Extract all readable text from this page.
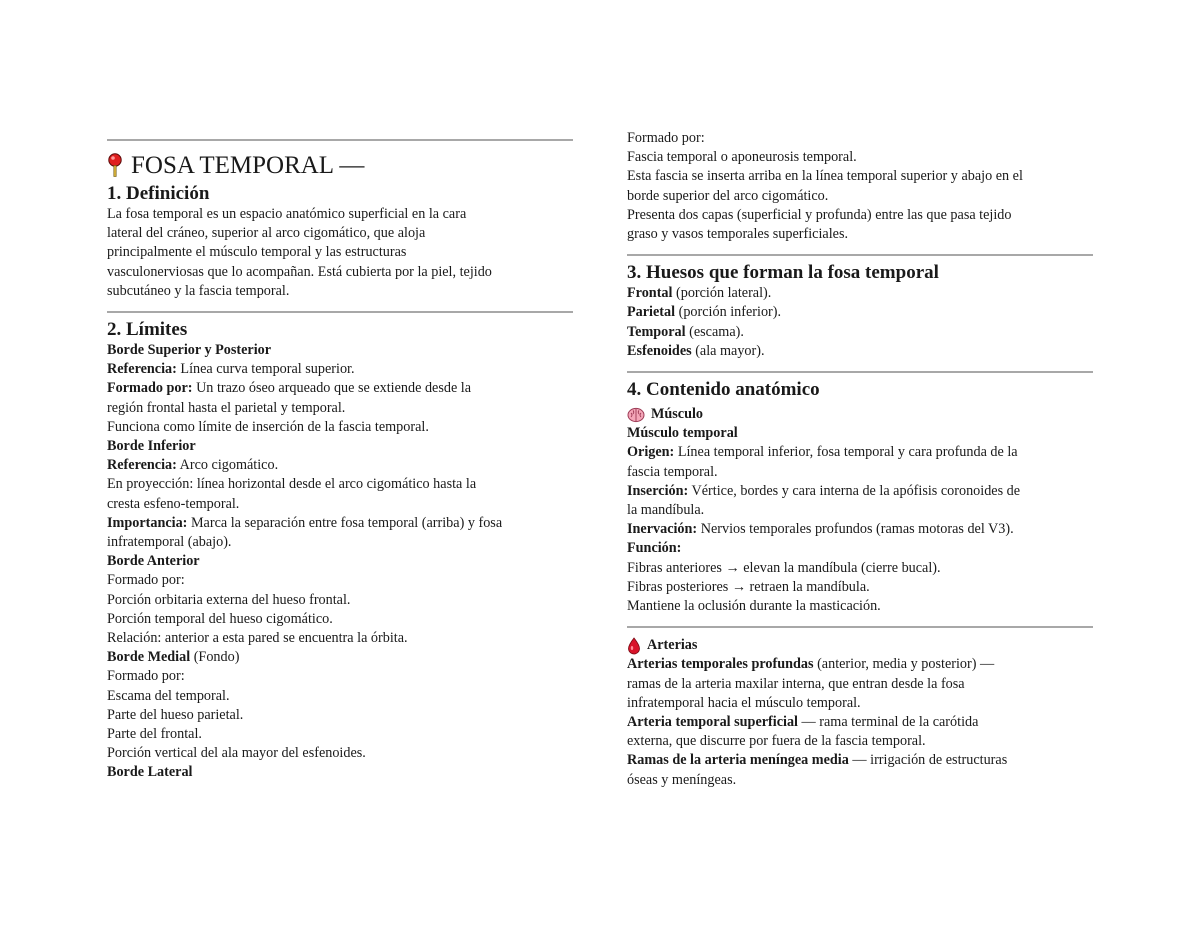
FOSA TEMPORAL —
1. Definición
La fosa temporal es un espacio anatómico superficial en la cara
lateral del cráneo, superior al arco cigomático, que aloja
principalmente el músculo temporal y las estructuras
vasculonerviosas que lo acompañan. Está cubierta por la piel, tejido
subcutáneo y la fascia temporal.
2. Límites
Borde Superior y Posterior
Referencia: Línea curva temporal superior.
Formado por: Un trazo óseo arqueado que se extiende desde la
región frontal hasta el parietal y temporal.
Funciona como límite de inserción de la fascia temporal.
Borde Inferior
Referencia: Arco cigomático.
En proyección: línea horizontal desde el arco cigomático hasta la
cresta esfeno-temporal.
Importancia: Marca la separación entre fosa temporal (arriba) y fosa
infratemporal (abajo).
Borde Anterior
Formado por:
Porción orbitaria externa del hueso frontal.
Porción temporal del hueso cigomático.
Relación: anterior a esta pared se encuentra la órbita.
Borde Medial (Fondo)
Formado por:
Escama del temporal.
Parte del hueso parietal.
Parte del frontal.
Porción vertical del ala mayor del esfenoides.
Borde Lateral
Formado por:
Fascia temporal o aponeurosis temporal.
Esta fascia se inserta arriba en la línea temporal superior y abajo en el
borde superior del arco cigomático.
Presenta dos capas (superficial y profunda) entre las que pasa tejido
graso y vasos temporales superficiales.
3. Huesos que forman la fosa temporal
Frontal (porción lateral).
Parietal (porción inferior).
Temporal (escama).
Esfenoides (ala mayor).
4. Contenido anatómico
Músculo
Músculo temporal
Origen: Línea temporal inferior, fosa temporal y cara profunda de la
fascia temporal.
Inserción: Vértice, bordes y cara interna de la apófisis coronoides de
la mandíbula.
Inervación: Nervios temporales profundos (ramas motoras del V3).
Función:
Fibras anteriores → elevan la mandíbula (cierre bucal).
Fibras posteriores → retraen la mandíbula.
Mantiene la oclusión durante la masticación.
Arterias
Arterias temporales profundas (anterior, media y posterior) —
ramas de la arteria maxilar interna, que entran desde la fosa
infratemporal hacia el músculo temporal.
Arteria temporal superficial — rama terminal de la carótida
externa, que discurre por fuera de la fascia temporal.
Ramas de la arteria meníngea media — irrigación de estructuras
óseas y meníngeas.
